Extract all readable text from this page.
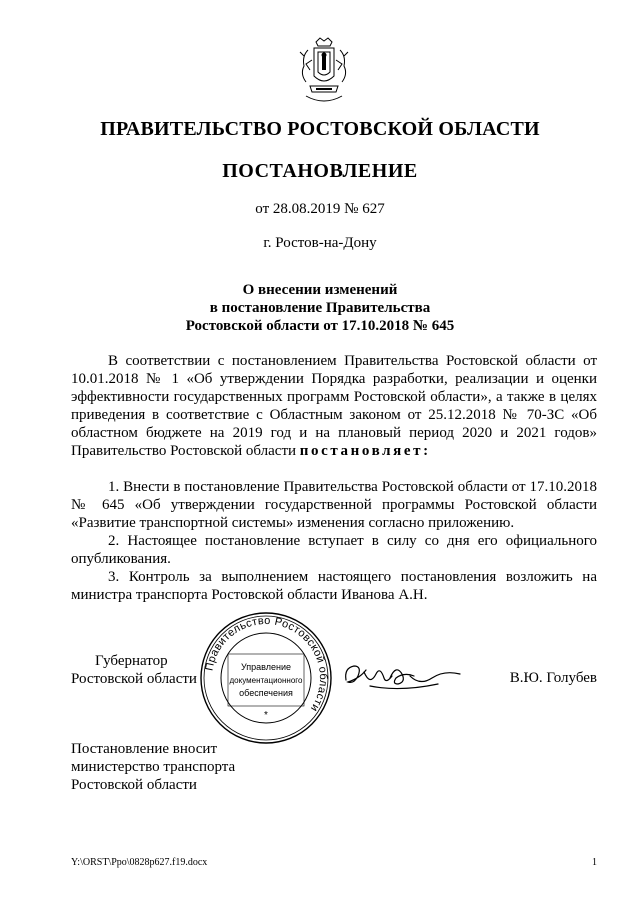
ПРАВИТЕЛЬСТВО РОСТОВСКОЙ ОБЛАСТИ
ПОСТАНОВЛЕНИЕ
от 28.08.2019 № 627
г. Ростов-на-Дону
О внесении изменений
в постановление Правительства
Ростовской области от 17.10.2018 № 645

В соответствии с постановлением Правительства Ростовской области от 10.01.2018 № 1 «Об утверждении Порядка разработки, реализации и оценки эффективности государственных программ Ростовской области», а также в целях приведения в соответствие с Областным законом от 25.12.2018 № 70-ЗС «Об областном бюджете на 2019 год и на плановый период 2020 и 2021 годов» Правительство Ростовской области постановляет:

1. Внести в постановление Правительства Ростовской области от 17.10.2018 № 645 «Об утверждении государственной программы Ростовской области «Развитие транспортной системы» изменения согласно приложению.

2. Настоящее постановление вступает в силу со дня его официального опубликования.

3. Контроль за выполнением настоящего постановления возложить на министра транспорта Ростовской области Иванова А.Н.

Губернатор
Ростовской области
Правительство Ростовской области
Управление
документационного
обеспечения
*
В.Ю. Голубев
Постановление вносит
министерство транспорта
Ростовской области
Y:\ORST\Ppo\0828p627.f19.docx	1
